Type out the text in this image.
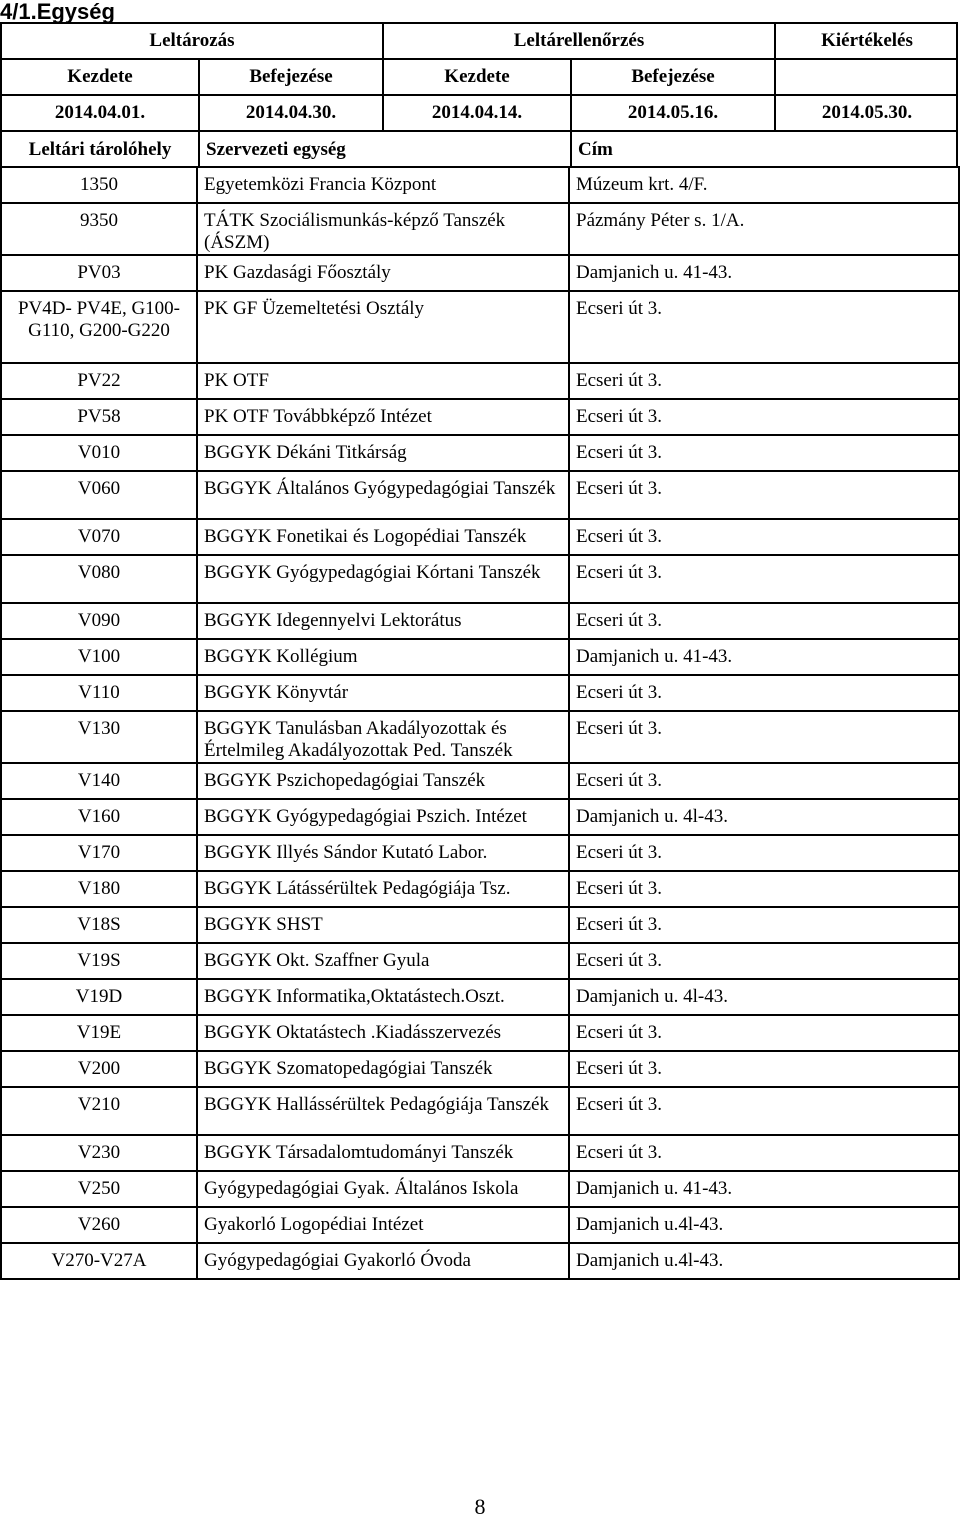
4/1.Egység
Leltározás	Leltárellenőrzés	Kiértékelés
Kezdete	Befejezése	Kezdete	Befejezése
2014.04.01.	2014.04.30.	2014.04.14.	2014.05.16.	2014.05.30.
Leltári tárolóhely	Szervezeti egység	Cím
1350	Egyetemközi Francia Központ	Múzeum krt. 4/F.
9350	TÁTK Szociálismunkás-képző Tanszék (ÁSZM)	Pázmány Péter s. 1/A.
PV03	PK Gazdasági Főosztály	Damjanich u. 41-43.
PV4D- PV4E, G100-G110, G200-G220	PK GF Üzemeltetési Osztály	Ecseri út 3.
PV22	PK OTF	Ecseri út 3.
PV58	PK OTF Továbbképző Intézet	Ecseri út 3.
V010	BGGYK Dékáni Titkárság	Ecseri út 3.
V060	BGGYK Általános Gyógypedagógiai Tanszék	Ecseri út 3.
V070	BGGYK Fonetikai és Logopédiai Tanszék	Ecseri út 3.
V080	BGGYK Gyógypedagógiai Kórtani Tanszék	Ecseri út 3.
V090	BGGYK Idegennyelvi Lektorátus	Ecseri út 3.
V100	BGGYK Kollégium	Damjanich u. 41-43.
V110	BGGYK Könyvtár	Ecseri út 3.
V130	BGGYK Tanulásban Akadályozottak és Értelmileg Akadályozottak Ped. Tanszék	Ecseri út 3.
V140	BGGYK Pszichopedagógiai Tanszék	Ecseri út 3.
V160	BGGYK Gyógypedagógiai Pszich. Intézet	Damjanich u. 4l-43.
V170	BGGYK Illyés Sándor Kutató Labor.	Ecseri út 3.
V180	BGGYK Látássérültek Pedagógiája Tsz.	Ecseri út 3.
V18S	BGGYK SHST	Ecseri út 3.
V19S	BGGYK Okt. Szaffner Gyula	Ecseri út 3.
V19D	BGGYK Informatika,Oktatástech.Oszt.	Damjanich u. 4l-43.
V19E	BGGYK Oktatástech .Kiadásszervezés	Ecseri út 3.
V200	BGGYK Szomatopedagógiai Tanszék	Ecseri út 3.
V210	BGGYK Hallássérültek Pedagógiája Tanszék	Ecseri út 3.
V230	BGGYK Társadalomtudományi Tanszék	Ecseri út 3.
V250	Gyógypedagógiai Gyak. Általános Iskola	Damjanich u. 41-43.
V260	Gyakorló Logopédiai Intézet	Damjanich u.4l-43.
V270-V27A	Gyógypedagógiai Gyakorló Óvoda	Damjanich u.4l-43.
8
